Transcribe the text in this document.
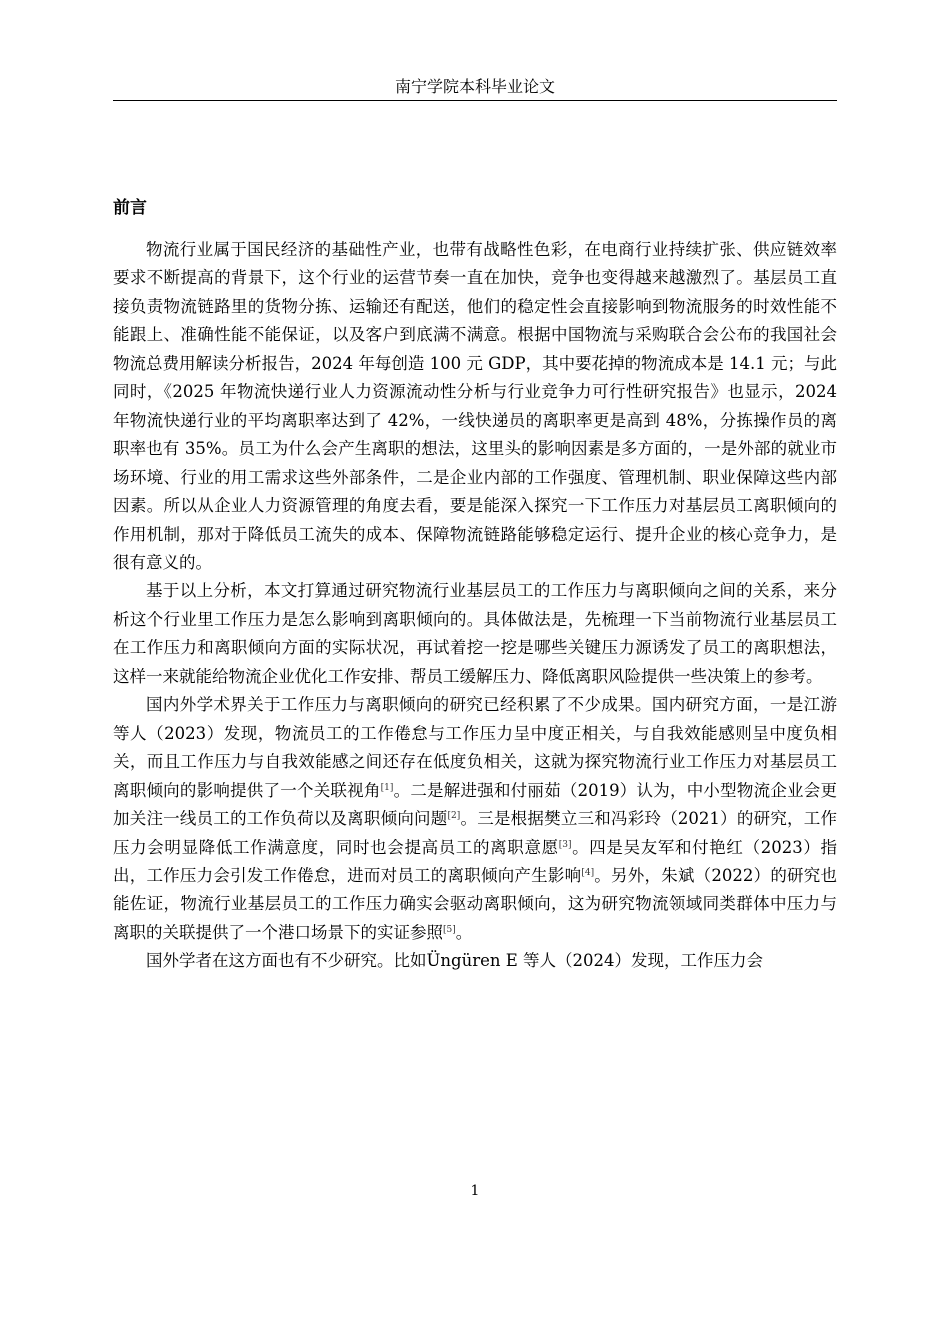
南宁学院本科毕业论文
前言

物流行业属于国民经济的基础性产业，也带有战略性色彩，在电商行业持续扩张、供应链效率要求不断提高的背景下，这个行业的运营节奏一直在加快，竞争也变得越来越激烈了。基层员工直接负责物流链路里的货物分拣、运输还有配送，他们的稳定性会直接影响到物流服务的时效性能不能跟上、准确性能不能保证，以及客户到底满不满意。根据中国物流与采购联合会公布的我国社会物流总费用解读分析报告，2024 年每创造 100 元 GDP，其中要花掉的物流成本是 14.1 元；与此同时，《2025 年物流快递行业人力资源流动性分析与行业竞争力可行性研究报告》也显示，2024 年物流快递行业的平均离职率达到了 42%，一线快递员的离职率更是高到 48%，分拣操作员的离职率也有 35%。员工为什么会产生离职的想法，这里头的影响因素是多方面的，一是外部的就业市场环境、行业的用工需求这些外部条件，二是企业内部的工作强度、管理机制、职业保障这些内部因素。所以从企业人力资源管理的角度去看，要是能深入探究一下工作压力对基层员工离职倾向的作用机制，那对于降低员工流失的成本、保障物流链路能够稳定运行、提升企业的核心竞争力，是很有意义的。

基于以上分析，本文打算通过研究物流行业基层员工的工作压力与离职倾向之间的关系，来分析这个行业里工作压力是怎么影响到离职倾向的。具体做法是，先梳理一下当前物流行业基层员工在工作压力和离职倾向方面的实际状况，再试着挖一挖是哪些关键压力源诱发了员工的离职想法，这样一来就能给物流企业优化工作安排、帮员工缓解压力、降低离职风险提供一些决策上的参考。

国内外学术界关于工作压力与离职倾向的研究已经积累了不少成果。国内研究方面，一是江游等人（2023）发现，物流员工的工作倦怠与工作压力呈中度正相关，与自我效能感则呈中度负相关，而且工作压力与自我效能感之间还存在低度负相关，这就为探究物流行业工作压力对基层员工离职倾向的影响提供了一个关联视角[1]。二是解进强和付丽茹（2019）认为，中小型物流企业会更加关注一线员工的工作负荷以及离职倾向问题[2]。三是根据樊立三和冯彩玲（2021）的研究，工作压力会明显降低工作满意度，同时也会提高员工的离职意愿[3]。四是吴友军和付艳红（2023）指出，工作压力会引发工作倦怠，进而对员工的离职倾向产生影响[4]。另外，朱斌（2022）的研究也能佐证，物流行业基层员工的工作压力确实会驱动离职倾向，这为研究物流领域同类群体中压力与离职的关联提供了一个港口场景下的实证参照[5]。

国外学者在这方面也有不少研究。比如Üngüren E 等人（2024）发现，工作压力会

1
